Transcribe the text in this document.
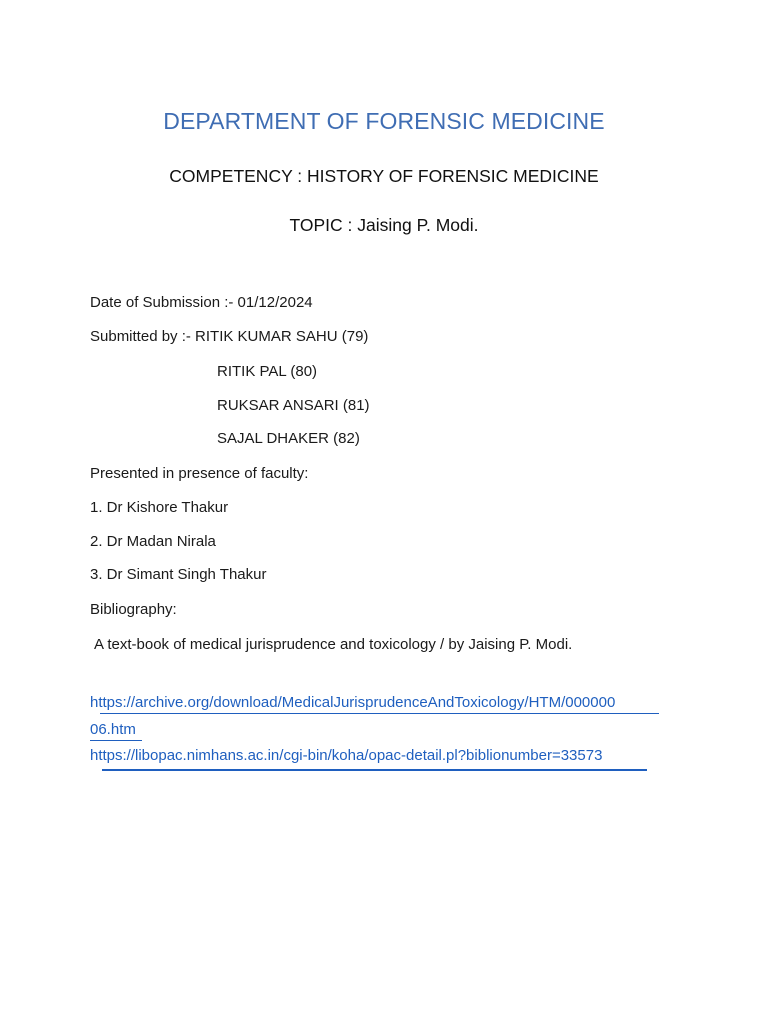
DEPARTMENT OF FORENSIC MEDICINE
COMPETENCY : HISTORY OF FORENSIC MEDICINE
TOPIC : Jaising P. Modi.
Date of Submission :- 01/12/2024
Submitted by :- RITIK KUMAR SAHU (79)
RITIK PAL (80)
RUKSAR ANSARI (81)
SAJAL DHAKER (82)
Presented in presence of faculty:
1. Dr Kishore Thakur
2. Dr Madan Nirala
3. Dr Simant Singh Thakur
Bibliography:
A text-book of medical jurisprudence and toxicology / by Jaising P. Modi.
https://archive.org/download/MedicalJurisprudenceAndToxicology/HTM/000000
06.htm
https://libopac.nimhans.ac.in/cgi-bin/koha/opac-detail.pl?biblionumber=33573
